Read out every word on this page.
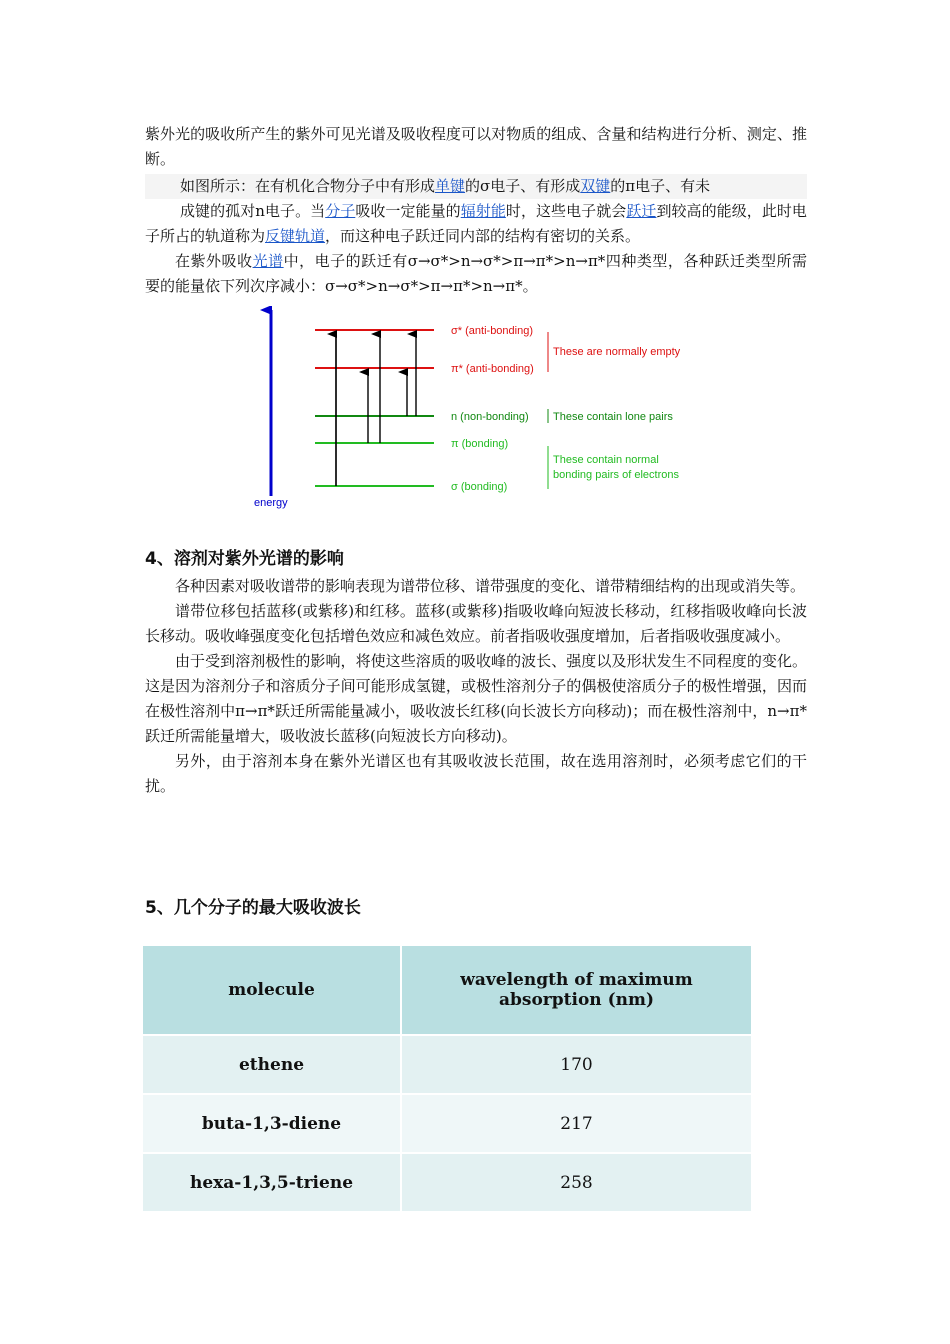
紫外光的吸收所产生的紫外可见光谱及吸收程度可以对物质的组成、含量和结构进行分析、测定、推断。

如图所示：在有机化合物分子中有形成单键的σ电子、有形成双键的π电子、有未

成键的孤对n电子。当分子吸收一定能量的辐射能时，这些电子就会跃迁到较高的能级，此时电子所占的轨道称为反键轨道，而这种电子跃迁同内部的结构有密切的关系。

在紫外吸收光谱中，电子的跃迁有σ→σ*>n→σ*>π→π*>n→π*四种类型，各种跃迁类型所需要的能量依下列次序减小：σ→σ*>n→σ*>π→π*>n→π*。

energy
σ* (anti-bonding)
π* (anti-bonding)
n (non-bonding)
π (bonding)
σ (bonding)
These are normally empty
These contain lone pairs
These contain normal
bonding pairs of electrons
4、溶剂对紫外光谱的影响

各种因素对吸收谱带的影响表现为谱带位移、谱带强度的变化、谱带精细结构的出现或消失等。

谱带位移包括蓝移(或紫移)和红移。蓝移(或紫移)指吸收峰向短波长移动，红移指吸收峰向长波长移动。吸收峰强度变化包括增色效应和减色效应。前者指吸收强度增加，后者指吸收强度减小。

由于受到溶剂极性的影响，将使这些溶质的吸收峰的波长、强度以及形状发生不同程度的变化。这是因为溶剂分子和溶质分子间可能形成氢键，或极性溶剂分子的偶极使溶质分子的极性增强，因而在极性溶剂中π→π*跃迁所需能量减小，吸收波长红移(向长波长方向移动)；而在极性溶剂中，n→π*跃迁所需能量增大，吸收波长蓝移(向短波长方向移动)。

另外，由于溶剂本身在紫外光谱区也有其吸收波长范围，故在选用溶剂时，必须考虑它们的干扰。

5、几个分子的最大吸收波长
molecule	wavelength of maximum
absorption (nm)

ethene	170
buta-1,3-diene	217
hexa-1,3,5-triene	258
